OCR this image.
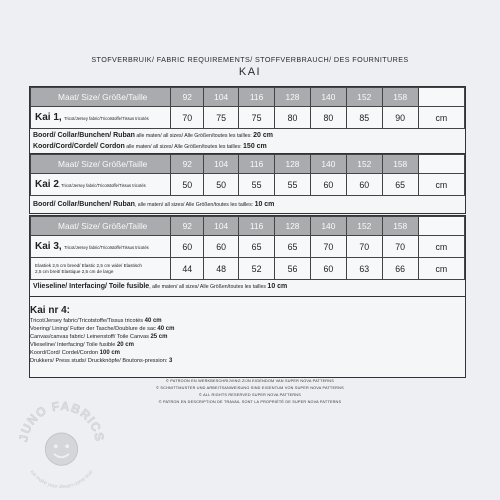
STOFVERBRUIK/ FABRIC REQUIREMENTS/ STOFFVERBRAUCH/ DES FOURNITURES
KAI
Maat/ Size/ Größe/Taille	92	104	116	128	140	152	158	
Kai 1, Tricot/Jersey fabric/Tricotstoffe/Tissus tricotés	70	75	75	80	80	85	90	cm
Boord/ Collar/Bunchen/ Ruban alle maten/ all sizes/ Alle Größen/toutes les tailles: 20 cm
Koord/Cord/Cordel/ Cordon alle maten/ all sizes/ Alle Größen/toutes les tailles: 150 cm
Maat/ Size/ Größe/Taille	92	104	116	128	140	152	158	
Kai 2, Tricot/Jersey fabric/Tricotstoffe/Tissus tricotés	50	50	55	55	60	60	65	cm
Boord/ Collar/Bunchen/ Ruban, alle maten/ all sizes/ Alle Größen/toutes les tailles: 10 cm
Maat/ Size/ Größe/Taille	92	104	116	128	140	152	158	
Kai 3, Tricot/Jersey fabric/Tricotstoffe/Tissus tricotés	60	60	65	65	70	70	70	cm
Elastiek 2,5 cm breed/ Elastic 2,5 cm wide/ Elastisch
2,5 cm breit/ Elastique 2,5 cm de large	44	48	52	56	60	63	66	cm
Vlieseline/ Interfacing/ Toile fusible, alle maten/ all sizes/ Alle Größen/toutes les tailles 10 cm
Kai nr 4:
Tricot/Jersey fabric/Tricotstoffe/Tissus tricotés 40 cm
Voering/ Lining/ Futter der Tasche/Doublure de sac 40 cm
Canvas/canvas fabric/ Leinenstoff/ Toile Canvas 25 cm
Vlieseline/ Interfacing/ Toile fusible 20 cm
Koord/Cord/ Cordel/Cordon 100 cm
Drukkers/ Press studs/ Druckknöpfe/ Boutons-pression: 3
© PATROON EN WERKBESCHRIJVING ZIJN EIGENDOM VAN SUPER NOVA PATTERNS
© SCHNITTMUSTER UND ARBEITSANWEISUNG SIND EIGENTUM VON SUPER NOVA PATTERNS
© ALL RIGHTS RESERVED SUPER NOVA PATTERNS
© PATRON EN DESCRIPTION DE TRAVAIL SONT LA PROPRIÉTÉ DE SUPER NOVA PATTERNS
JUNO FABRICS
we make your dream come true
